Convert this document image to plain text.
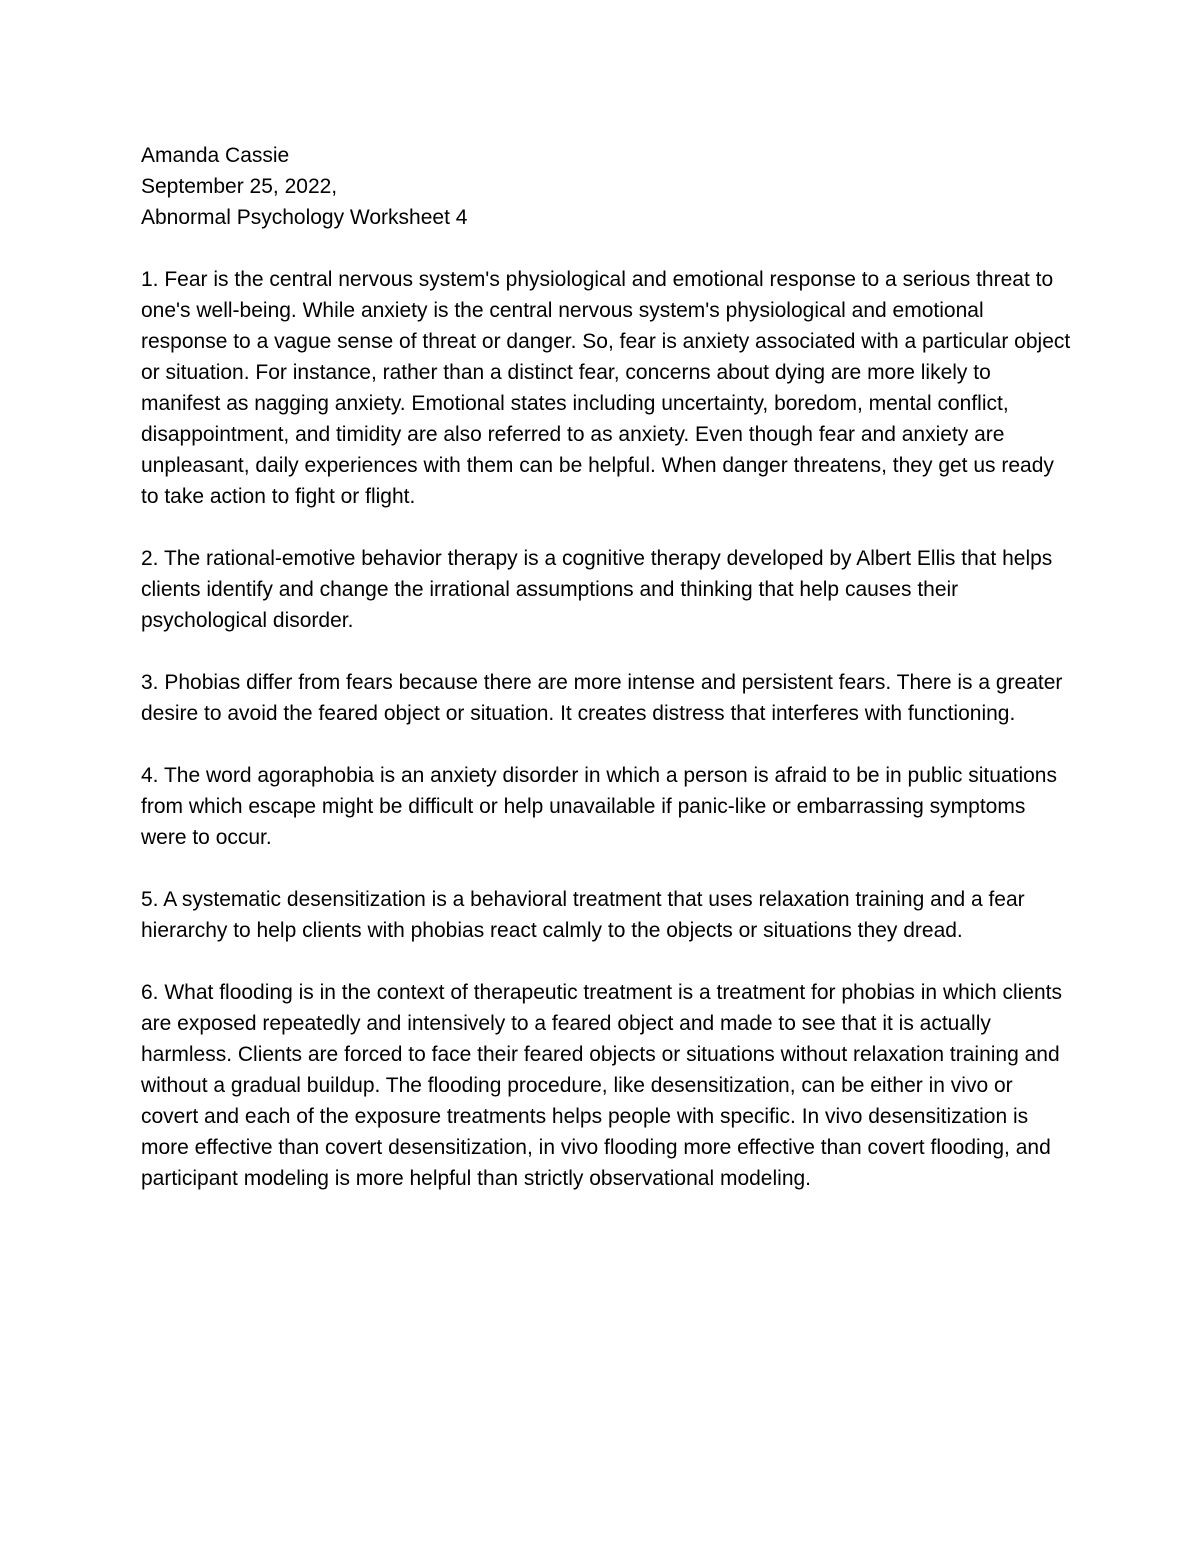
Amanda Cassie

September 25, 2022,

Abnormal Psychology Worksheet 4

1. Fear is the central nervous system's physiological and emotional response to a serious threat to one's well-being. While anxiety is the central nervous system's physiological and emotional response to a vague sense of threat or danger. So, fear is anxiety associated with a particular object or situation. For instance, rather than a distinct fear, concerns about dying are more likely to manifest as nagging anxiety. Emotional states including uncertainty, boredom, mental conflict, disappointment, and timidity are also referred to as anxiety. Even though fear and anxiety are unpleasant, daily experiences with them can be helpful. When danger threatens, they get us ready to take action to fight or flight.

2. The rational-emotive behavior therapy is a cognitive therapy developed by Albert Ellis that helps clients identify and change the irrational assumptions and thinking that help causes their psychological disorder.

3. Phobias differ from fears because there are more intense and persistent fears. There is a greater desire to avoid the feared object or situation. It creates distress that interferes with functioning.

4. The word agoraphobia is an anxiety disorder in which a person is afraid to be in public situations from which escape might be difficult or help unavailable if panic-like or embarrassing symptoms were to occur.

5. A systematic desensitization is a behavioral treatment that uses relaxation training and a fear hierarchy to help clients with phobias react calmly to the objects or situations they dread.

6. What flooding is in the context of therapeutic treatment is a treatment for phobias in which clients are exposed repeatedly and intensively to a feared object and made to see that it is actually harmless. Clients are forced to face their feared objects or situations without relaxation training and without a gradual buildup. The flooding procedure, like desensitization, can be either in vivo or covert and each of the exposure treatments helps people with specific. In vivo desensitization is more effective than covert desensitization, in vivo flooding more effective than covert flooding, and participant modeling is more helpful than strictly observational modeling.
